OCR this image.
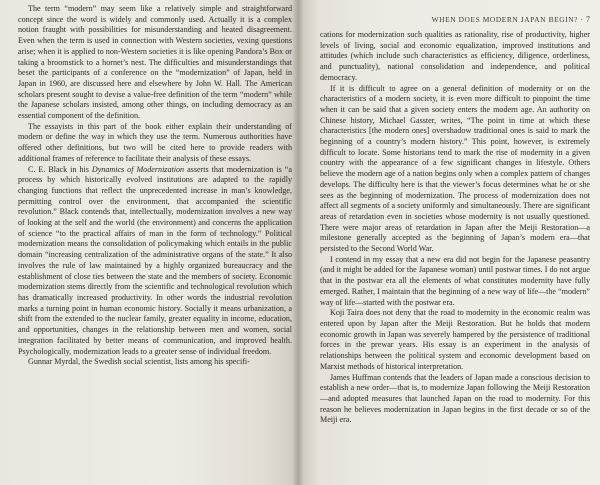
The term “modern” may seem like a relatively simple and straightforward concept since the word is widely and commonly used. Actually it is a complex notion fraught with possibilities for misunderstanding and heated disagreement. Even when the term is used in connection with Western societies, vexing questions arise; when it is applied to non-Western societies it is like opening Pandora’s Box or taking a broomstick to a hornet’s nest. The difficulties and misunderstandings that beset the participants of a conference on the “modernization” of Japan, held in Japan in 1960, are discussed here and elsewhere by John W. Hall. The American scholars present sought to devise a value-free definition of the term “modern” while the Japanese scholars insisted, among other things, on including democracy as an essential component of the definition.

The essayists in this part of the book either explain their understanding of modern or define the way in which they use the term. Numerous authorities have offered other definitions, but two will be cited here to provide readers with additional frames of reference to facilitate their analysis of these essays.

C. E. Black in his Dynamics of Modernization asserts that modernization is “a process by which historically evolved institutions are adapted to the rapidly changing functions that reflect the unprecedented increase in man’s knowledge, permitting control over the environment, that accompanied the scientific revolution.” Black contends that, intellectually, modernization involves a new way of looking at the self and the world (the environment) and concerns the application of science “to the practical affairs of man in the form of technology.” Political modernization means the consolidation of policymaking which entails in the public domain “increasing centralization of the administrative organs of the state.” It also involves the rule of law maintained by a highly organized bureaucracy and the establishment of close ties between the state and the members of society. Economic modernization stems directly from the scientific and technological revolution which has dramatically increased productivity. In other words the industrial revolution marks a turning point in human economic history. Socially it means urbanization, a shift from the extended to the nuclear family, greater equality in income, education, and opportunities, changes in the relationship between men and women, social integration facilitated by better means of communication, and improved health. Psychologically, modernization leads to a greater sense of individual freedom.

Gunnar Myrdal, the Swedish social scientist, lists among his specifi-

WHEN DOES MODERN JAPAN BEGIN? · 7

cations for modernization such qualities as rationality, rise of productivity, higher levels of living, social and economic equalization, improved institutions and attitudes (which include such characteristics as efficiency, diligence, orderliness, and punctuality), national consolidation and independence, and political democracy.

If it is difficult to agree on a general definition of modernity or on the characteristics of a modern society, it is even more difficult to pinpoint the time when it can be said that a given society enters the modern age. An authority on Chinese history, Michael Gasster, writes, “The point in time at which these characteristics [the modern ones] overshadow traditional ones is said to mark the beginning of a country’s modern history.” This point, however, is extremely difficult to locate. Some historians tend to mark the rise of modernity in a given country with the appearance of a few significant changes in lifestyle. Others believe the modern age of a nation begins only when a complex pattern of changes develops. The difficulty here is that the viewer’s focus determines what he or she sees as the beginning of modernization. The process of modernization does not affect all segments of a society uniformly and simultaneously. There are significant areas of retardation even in societies whose modernity is not usually questioned. There were major areas of retardation in Japan after the Meiji Restoration—a milestone generally accepted as the beginning of Japan’s modern era—that persisted to the Second World War.

I contend in my essay that a new era did not begin for the Japanese peasantry (and it might be added for the Japanese woman) until postwar times. I do not argue that in the postwar era all the elements of what constitutes modernity have fully emerged. Rather, I maintain that the beginning of a new way of life—the “modern” way of life—started with the postwar era.

Koji Taira does not deny that the road to modernity in the economic realm was entered upon by Japan after the Meiji Restoration. But he holds that modern economic growth in Japan was severely hampered by the persistence of traditional forces in the prewar years. His essay is an experiment in the analysis of relationships between the political system and economic development based on Marxist methods of historical interpretation.

James Huffman contends that the leaders of Japan made a conscious decision to establish a new order—that is, to modernize Japan following the Meiji Restoration—and adopted measures that launched Japan on the road to modernity. For this reason he believes modernization in Japan begins in the first decade or so of the Meiji era.
